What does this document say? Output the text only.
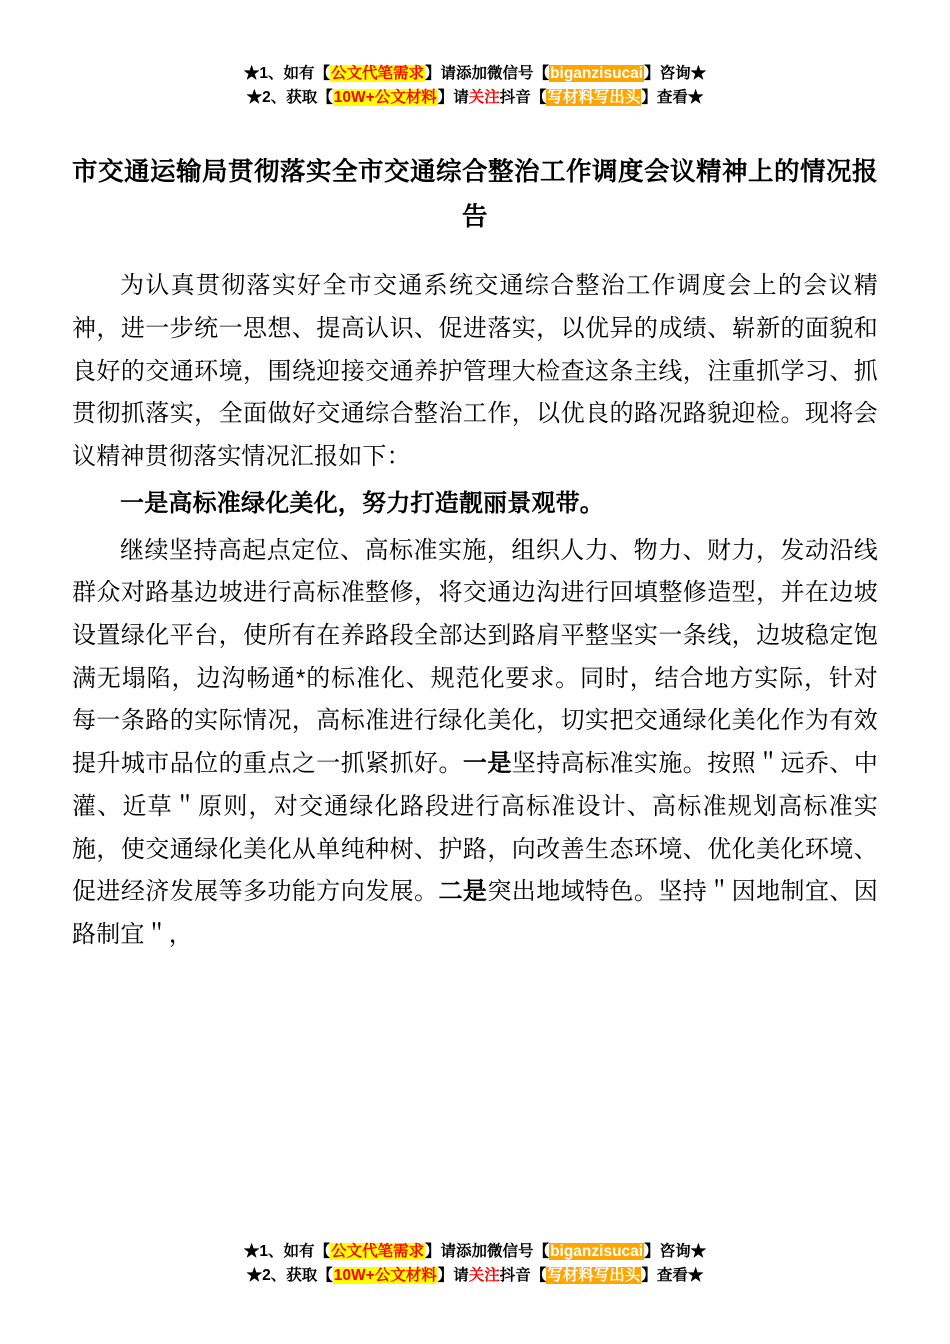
★1、如有【公文代笔需求】请添加微信号【biganzisucai】咨询★
★2、获取【10W+公文材料】请关注抖音【写材料写出头】查看★
市交通运输局贯彻落实全市交通综合整治工作调度会议精神上的情况报告

为认真贯彻落实好全市交通系统交通综合整治工作调度会上的会议精神，进一步统一思想、提高认识、促进落实，以优异的成绩、崭新的面貌和良好的交通环境，围绕迎接交通养护管理大检查这条主线，注重抓学习、抓贯彻抓落实，全面做好交通综合整治工作，以优良的路况路貌迎检。现将会议精神贯彻落实情况汇报如下：

一是高标准绿化美化，努力打造靓丽景观带。

继续坚持高起点定位、高标准实施，组织人力、物力、财力，发动沿线群众对路基边坡进行高标准整修，将交通边沟进行回填整修造型，并在边坡设置绿化平台，使所有在养路段全部达到路肩平整坚实一条线，边坡稳定饱满无塌陷，边沟畅通*的标准化、规范化要求。同时，结合地方实际，针对每一条路的实际情况，高标准进行绿化美化，切实把交通绿化美化作为有效提升城市品位的重点之一抓紧抓好。一是坚持高标准实施。按照＂远乔、中灌、近草＂原则，对交通绿化路段进行高标准设计、高标准规划高标准实施，使交通绿化美化从单纯种树、护路，向改善生态环境、优化美化环境、促进经济发展等多功能方向发展。二是突出地域特色。坚持＂因地制宜、因路制宜＂，

★1、如有【公文代笔需求】请添加微信号【biganzisucai】咨询★
★2、获取【10W+公文材料】请关注抖音【写材料写出头】查看★
